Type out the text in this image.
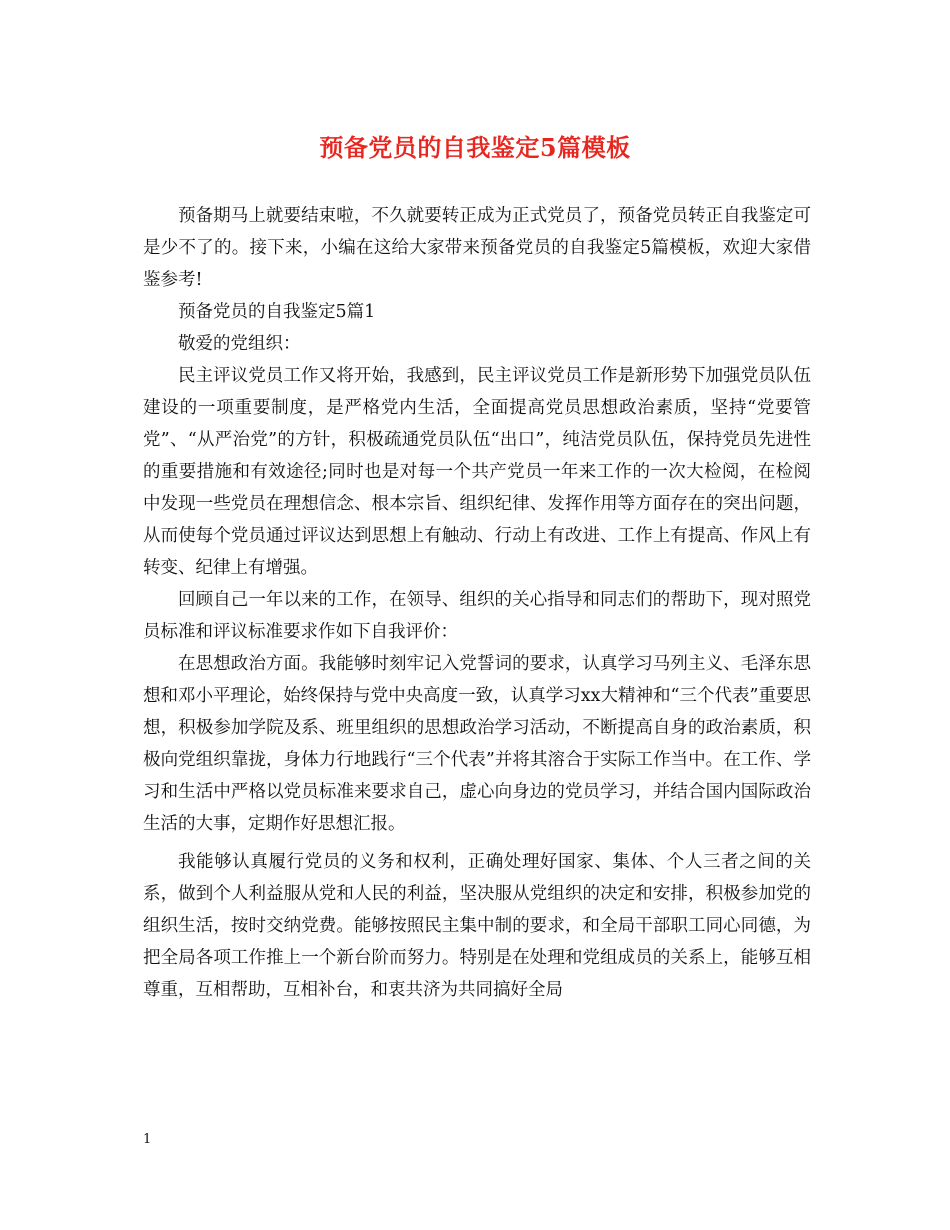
预备党员的自我鉴定5篇模板

预备期马上就要结束啦，不久就要转正成为正式党员了，预备党员转正自我鉴定可是少不了的。接下来，小编在这给大家带来预备党员的自我鉴定5篇模板，欢迎大家借鉴参考!

预备党员的自我鉴定5篇1

敬爱的党组织：

民主评议党员工作又将开始，我感到，民主评议党员工作是新形势下加强党员队伍建设的一项重要制度，是严格党内生活，全面提高党员思想政治素质，坚持“党要管党”、“从严治党”的方针，积极疏通党员队伍“出口”，纯洁党员队伍，保持党员先进性的重要措施和有效途径;同时也是对每一个共产党员一年来工作的一次大检阅，在检阅中发现一些党员在理想信念、根本宗旨、组织纪律、发挥作用等方面存在的突出问题，从而使每个党员通过评议达到思想上有触动、行动上有改进、工作上有提高、作风上有转变、纪律上有增强。

回顾自己一年以来的工作，在领导、组织的关心指导和同志们的帮助下，现对照党员标准和评议标准要求作如下自我评价：

在思想政治方面。我能够时刻牢记入党誓词的要求，认真学习马列主义、毛泽东思想和邓小平理论，始终保持与党中央高度一致，认真学习xx大精神和“三个代表”重要思想，积极参加学院及系、班里组织的思想政治学习活动，不断提高自身的政治素质，积极向党组织靠拢，身体力行地践行“三个代表”并将其溶合于实际工作当中。在工作、学习和生活中严格以党员标准来要求自己，虚心向身边的党员学习，并结合国内国际政治生活的大事，定期作好思想汇报。

我能够认真履行党员的义务和权利，正确处理好国家、集体、个人三者之间的关系，做到个人利益服从党和人民的利益，坚决服从党组织的决定和安排，积极参加党的组织生活，按时交纳党费。能够按照民主集中制的要求，和全局干部职工同心同德，为把全局各项工作推上一个新台阶而努力。特别是在处理和党组成员的关系上，能够互相尊重，互相帮助，互相补台，和衷共济为共同搞好全局

1
